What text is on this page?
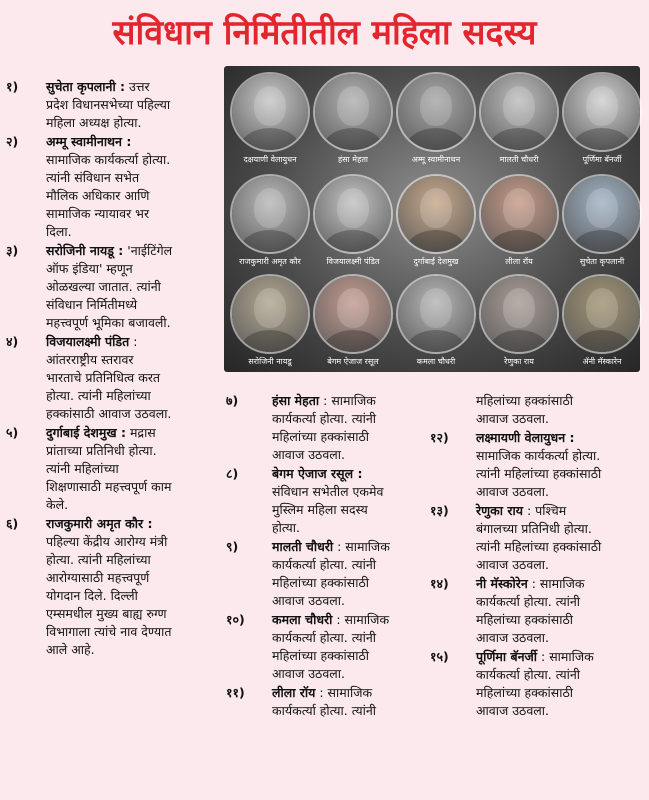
संविधान निर्मितीतील महिला सदस्य
दक्षयाणी वेलायुधन	हंसा मेहता	अम्मू स्वामीनाथन	मालती चौधरी	पूर्णिमा बॅनर्जी
राजकुमारी अमृत कौर	विजयालक्ष्मी पंडित	दुर्गाबाई देशमुख	लीला रॉय	सुचेता कृपलानी
सरोजिनी नायडू	बेगम ऐजाज रसूल	कमला चौधरी	रेणुका राय	ॲनी मॅस्कारेन
१) सुचेता कृपलानी : उत्तर
प्रदेश विधानसभेच्या पहिल्या
महिला अध्यक्ष होत्या.
२) अम्मू स्वामीनाथन :
सामाजिक कार्यकर्त्या होत्या.
त्यांनी संविधान सभेत
मौलिक अधिकार आणि
सामाजिक न्यायावर भर
दिला.
३) सरोजिनी नायडू : 'नाईटिंगेल
ऑफ इंडिया' म्हणून
ओळखल्या जातात. त्यांनी
संविधान निर्मितीमध्ये
महत्त्वपूर्ण भूमिका बजावली.
४) विजयालक्ष्मी पंडित :
आंतरराष्ट्रीय स्तरावर
भारताचे प्रतिनिधित्व करत
होत्या. त्यांनी महिलांच्या
हक्कांसाठी आवाज उठवला.
५) दुर्गाबाई देशमुख : मद्रास
प्रांताच्या प्रतिनिधी होत्या.
त्यांनी महिलांच्या
शिक्षणासाठी महत्त्वपूर्ण काम
केले.
६) राजकुमारी अमृत कौर :
पहिल्या केंद्रीय आरोग्य मंत्री
होत्या. त्यांनी महिलांच्या
आरोग्यासाठी महत्त्वपूर्ण
योगदान दिले. दिल्ली
एम्समधील मुख्य बाह्य रुग्ण
विभागाला त्यांचे नाव देण्यात
आले आहे.
७)	हंसा मेहता : सामाजिक
कार्यकर्त्या होत्या. त्यांनी
महिलांच्या हक्कांसाठी
आवाज उठवला.
८)	बेगम ऐजाज रसूल :
संविधान सभेतील एकमेव
मुस्लिम महिला सदस्य
होत्या.
९)	मालती चौधरी : सामाजिक
कार्यकर्त्या होत्या. त्यांनी
महिलांच्या हक्कांसाठी
आवाज उठवला.
१०) कमला चौधरी : सामाजिक
कार्यकर्त्या होत्या. त्यांनी
महिलांच्या हक्कांसाठी
आवाज उठवला.
११) लीला रॉय : सामाजिक
कार्यकर्त्या होत्या. त्यांनी
महिलांच्या हक्कांसाठी
आवाज उठवला.
१२) लक्ष्मायणी वेलायुधन :
सामाजिक कार्यकर्त्या होत्या.
त्यांनी महिलांच्या हक्कांसाठी
आवाज उठवला.
१३) रेणुका राय : पश्चिम
बंगालच्या प्रतिनिधी होत्या.
त्यांनी महिलांच्या हक्कांसाठी
आवाज उठवला.
१४) नी मॅस्कोरेन : सामाजिक
कार्यकर्त्या होत्या. त्यांनी
महिलांच्या हक्कांसाठी
आवाज उठवला.
१५) पूर्णिमा बॅनर्जी : सामाजिक
कार्यकर्त्या होत्या. त्यांनी
महिलांच्या हक्कांसाठी
आवाज उठवला.
